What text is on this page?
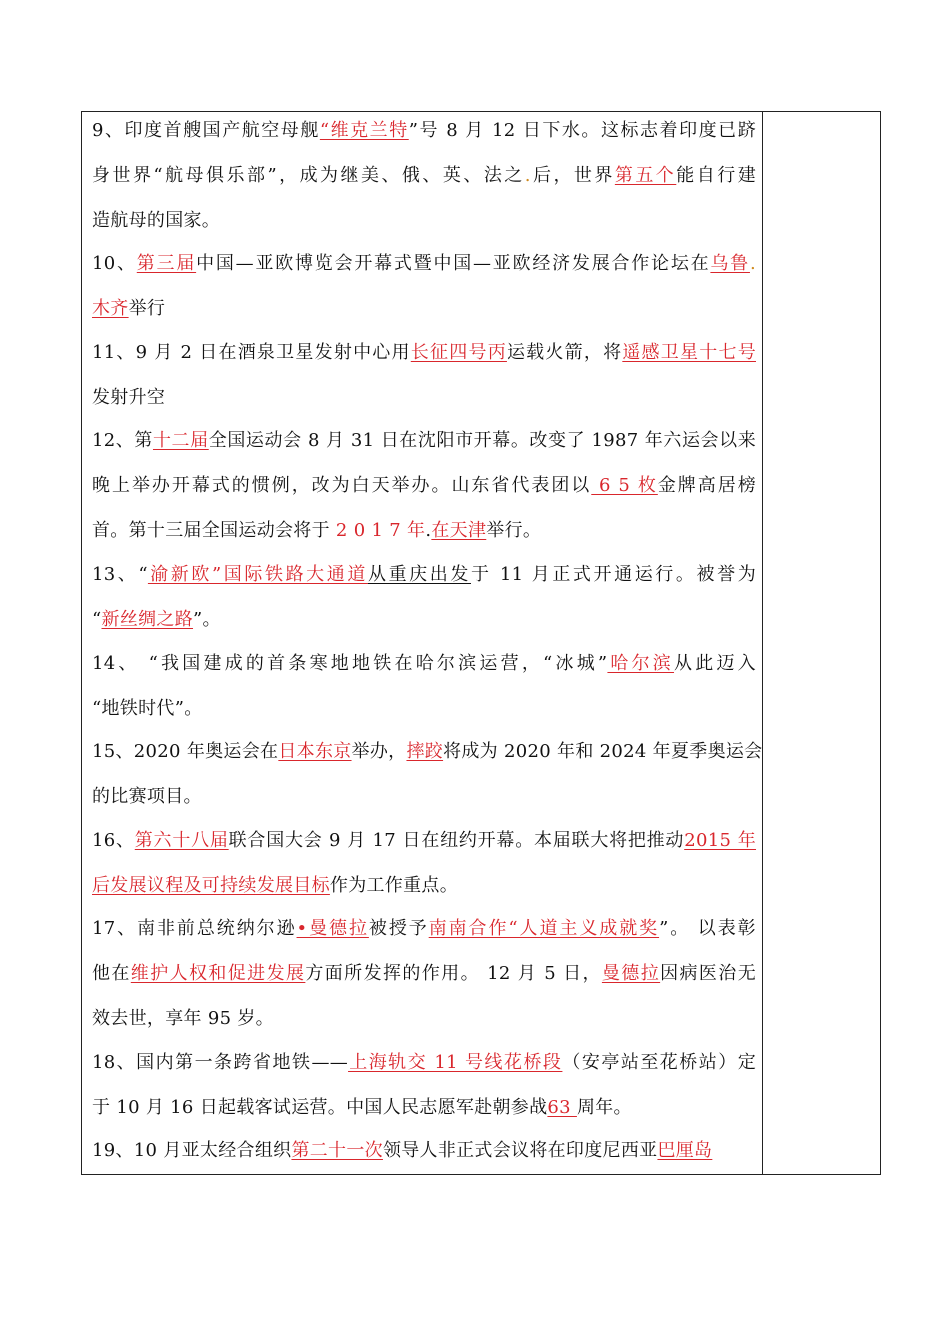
9、印度首艘国产航空母舰“维克兰特”号 8 月 12 日下水。这标志着印度已跻
身世界“航母俱乐部”，成为继美、俄、英、法之.后，世界第五个能自行建
造航母的国家。
10、第三届中国—亚欧博览会开幕式暨中国—亚欧经济发展合作论坛在乌鲁.
木齐举行
11、9 月 2 日在酒泉卫星发射中心用长征四号丙运载火箭，将遥感卫星十七号
发射升空
12、第十二届全国运动会 8 月 31 日在沈阳市开幕。改变了 1987 年六运会以来
晚上举办开幕式的惯例，改为白天举办。山东省代表团以 6 5 枚金牌高居榜
首。第十三届全国运动会将于 2 0 1 7 年.在天津举行。
13、“渝新欧”国际铁路大通道从重庆出发于 11 月正式开通运行。被誉为
“新丝绸之路”。
14、 “我国建成的首条寒地地铁在哈尔滨运营，“冰城”哈尔滨从此迈入
“地铁时代”。
15、2020 年奥运会在日本东京举办，摔跤将成为 2020 年和 2024 年夏季奥运会
的比赛项目。
16、第六十八届联合国大会 9 月 17 日在纽约开幕。本届联大将把推动2015 年
后发展议程及可持续发展目标作为工作重点。
17、南非前总统纳尔逊•曼德拉被授予南南合作“人道主义成就奖”。 以表彰
他在维护人权和促进发展方面所发挥的作用。 12 月 5 日，曼德拉因病医治无
效去世，享年 95 岁。
18、国内第一条跨省地铁——上海轨交 11 号线花桥段（安亭站至花桥站）定
于 10 月 16 日起载客试运营。中国人民志愿军赴朝参战63 周年。
19、10 月亚太经合组织第二十一次领导人非正式会议将在印度尼西亚巴厘岛
